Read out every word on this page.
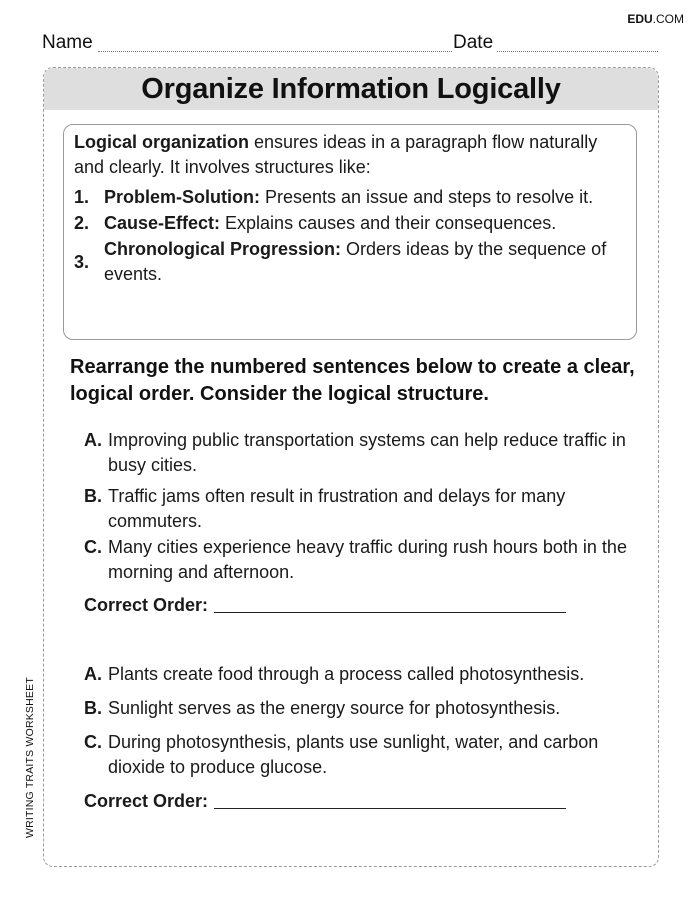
EDU.COM
Name	Date
WRITING TRAITS WORKSHEET
Organize Information Logically

Logical organization ensures ideas in a paragraph flow naturally and clearly. It involves structures like:

1. Problem-Solution: Presents an issue and steps to resolve it.
2. Cause-Effect: Explains causes and their consequences.
3.
Chronological Progression: Orders ideas by the sequence of events.
Rearrange the numbered sentences below to create a clear, logical order. Consider the logical structure.
A. Improving public transportation systems can help reduce traffic in busy cities.
B. Traffic jams often result in frustration and delays for many commuters.
C. Many cities experience heavy traffic during rush hours both in the morning and afternoon.
Correct Order:
A. Plants create food through a process called photosynthesis.
B. Sunlight serves as the energy source for photosynthesis.
C. During photosynthesis, plants use sunlight, water, and carbon dioxide to produce glucose.
Correct Order:
